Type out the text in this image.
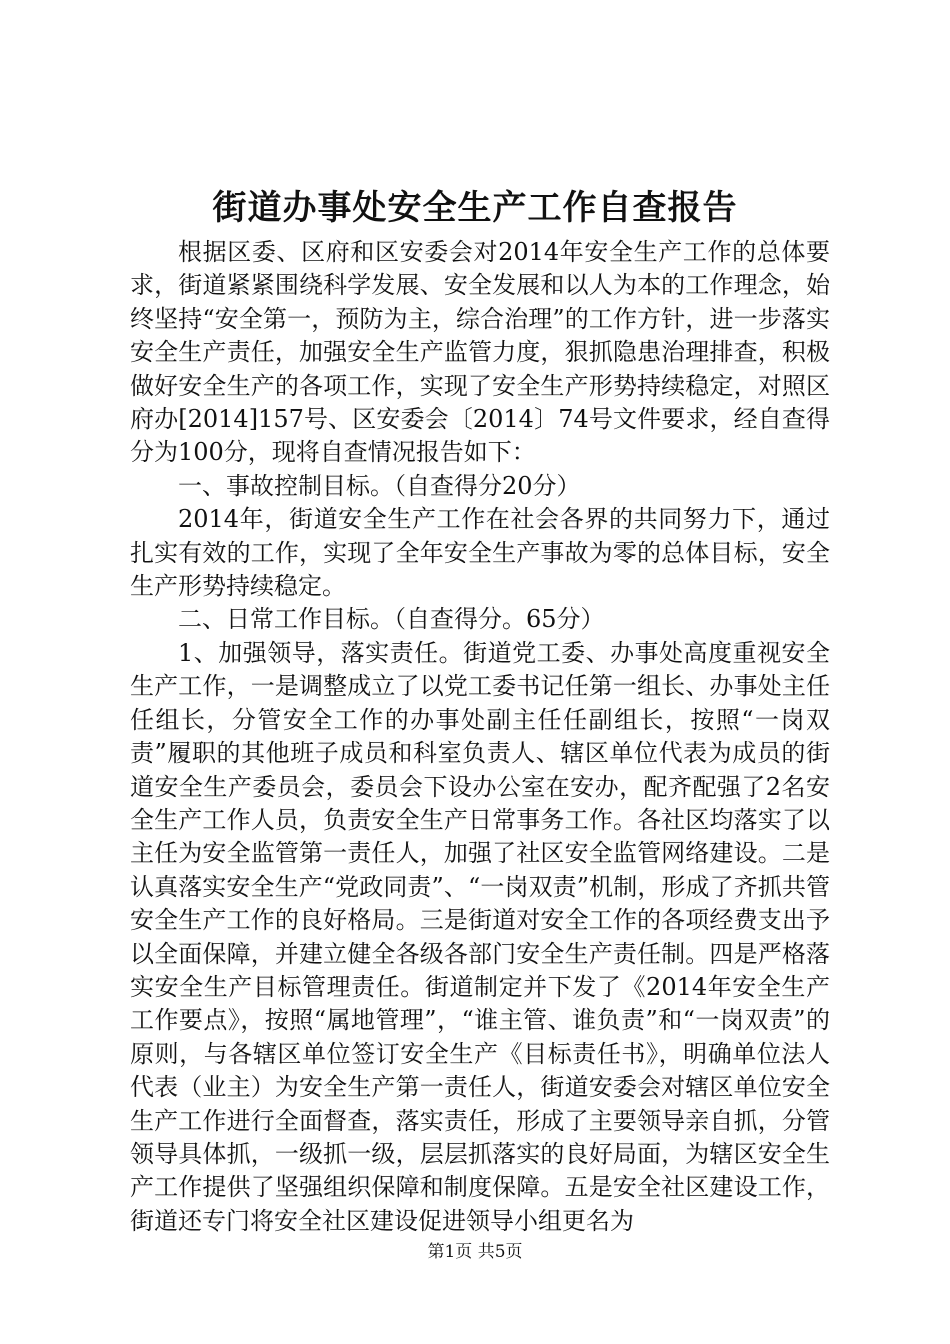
街道办事处安全生产工作自查报告

根据区委、区府和区安委会对2014年安全生产工作的总体要求，街道紧紧围绕科学发展、安全发展和以人为本的工作理念，始终坚持“安全第一，预防为主，综合治理”的工作方针，进一步落实安全生产责任，加强安全生产监管力度，狠抓隐患治理排查，积极做好安全生产的各项工作，实现了安全生产形势持续稳定，对照区府办[2014]157号、区安委会〔2014〕74号文件要求，经自查得分为100分，现将自查情况报告如下：

一、事故控制目标。（自查得分20分）

2014年，街道安全生产工作在社会各界的共同努力下，通过扎实有效的工作，实现了全年安全生产事故为零的总体目标，安全生产形势持续稳定。

二、日常工作目标。（自查得分。65分）

1、加强领导，落实责任。街道党工委、办事处高度重视安全生产工作，一是调整成立了以党工委书记任第一组长、办事处主任任组长，分管安全工作的办事处副主任任副组长，按照“一岗双责”履职的其他班子成员和科室负责人、辖区单位代表为成员的街道安全生产委员会，委员会下设办公室在安办，配齐配强了2名安全生产工作人员，负责安全生产日常事务工作。各社区均落实了以主任为安全监管第一责任人，加强了社区安全监管网络建设。二是认真落实安全生产“党政同责”、“一岗双责”机制，形成了齐抓共管安全生产工作的良好格局。三是街道对安全工作的各项经费支出予以全面保障，并建立健全各级各部门安全生产责任制。四是严格落实安全生产目标管理责任。街道制定并下发了《2014年安全生产工作要点》，按照“属地管理”，“谁主管、谁负责”和“一岗双责”的原则，与各辖区单位签订安全生产《目标责任书》，明确单位法人代表（业主）为安全生产第一责任人，街道安委会对辖区单位安全生产工作进行全面督查，落实责任，形成了主要领导亲自抓，分管领导具体抓，一级抓一级，层层抓落实的良好局面，为辖区安全生产工作提供了坚强组织保障和制度保障。五是安全社区建设工作，街道还专门将安全社区建设促进领导小组更名为

第1页 共5页
